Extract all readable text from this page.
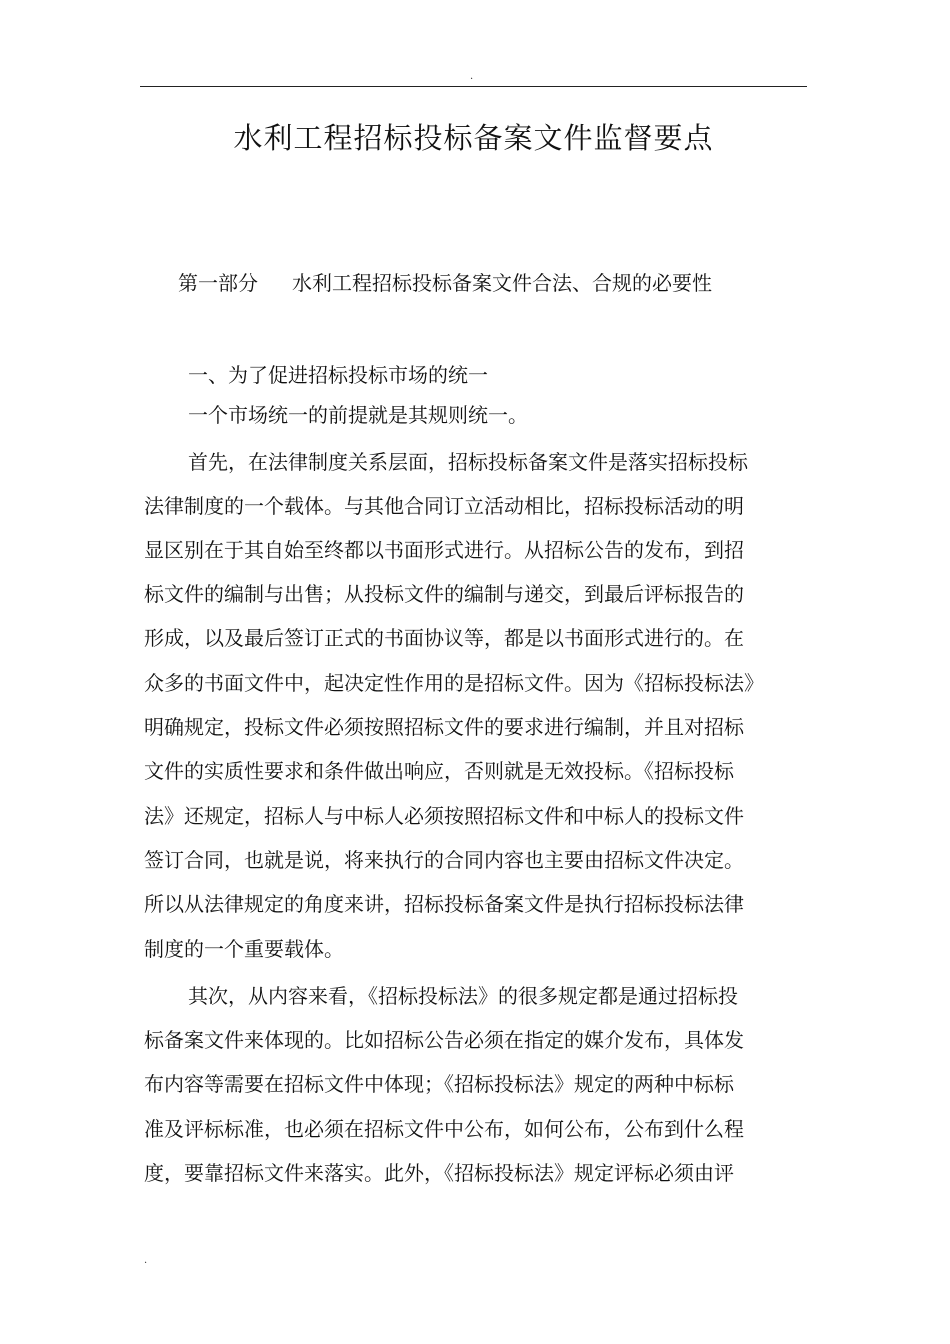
.
水利工程招标投标备案文件监督要点
第一部分 水利工程招标投标备案文件合法、合规的必要性
一、为了促进招标投标市场的统一

一个市场统一的前提就是其规则统一。

首先，在法律制度关系层面，招标投标备案文件是落实招标投标

法律制度的一个载体。与其他合同订立活动相比，招标投标活动的明

显区别在于其自始至终都以书面形式进行。从招标公告的发布，到招

标文件的编制与出售；从投标文件的编制与递交，到最后评标报告的

形成，以及最后签订正式的书面协议等，都是以书面形式进行的。在

众多的书面文件中，起决定性作用的是招标文件。因为《招标投标法》

明确规定，投标文件必须按照招标文件的要求进行编制，并且对招标

文件的实质性要求和条件做出响应，否则就是无效投标。《招标投标

法》还规定，招标人与中标人必须按照招标文件和中标人的投标文件

签订合同，也就是说，将来执行的合同内容也主要由招标文件决定。

所以从法律规定的角度来讲，招标投标备案文件是执行招标投标法律

制度的一个重要载体。

其次，从内容来看，《招标投标法》的很多规定都是通过招标投

标备案文件来体现的。比如招标公告必须在指定的媒介发布，具体发

布内容等需要在招标文件中体现；《招标投标法》规定的两种中标标

准及评标标准，也必须在招标文件中公布，如何公布，公布到什么程

度，要靠招标文件来落实。此外，《招标投标法》规定评标必须由评

.
